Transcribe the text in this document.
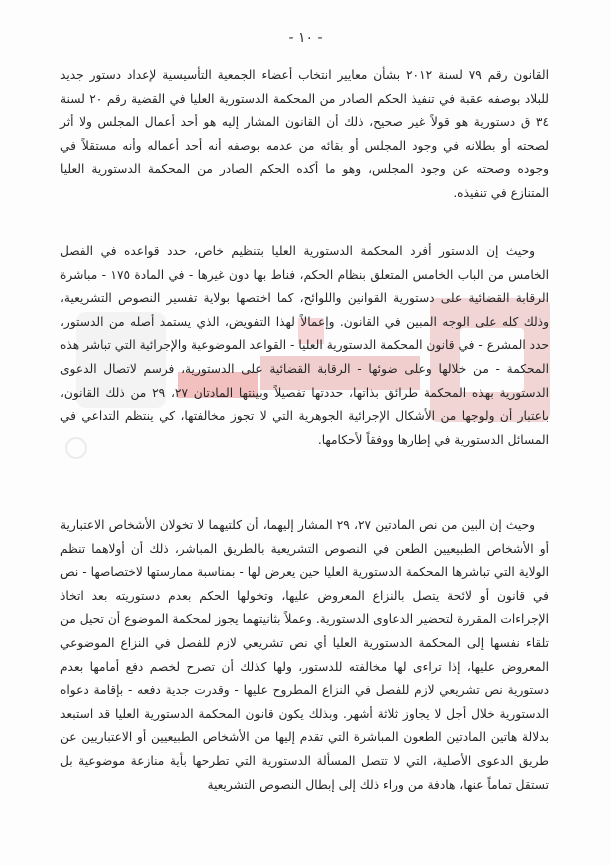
- ١٠ -

القانون رقم ٧٩ لسنة ٢٠١٢ بشأن معايير انتخاب أعضاء الجمعية التأسيسية لإعداد دستور جديد للبلاد بوصفه عقبة في تنفيذ الحكم الصادر من المحكمة الدستورية العليا في القضية رقم ٢٠ لسنة ٣٤ ق دستورية هو قولاً غير صحيح، ذلك أن القانون المشار إليه هو أحد أعمال المجلس ولا أثر لصحته أو بطلانه في وجود المجلس أو بقائه من عدمه بوصفه أنه أحد أعماله وأنه مستقلاً في وجوده وصحته عن وجود المجلس، وهو ما أكده الحكم الصادر من المحكمة الدستورية العليا المتنازع في تنفيذه.

وحيث إن الدستور أفرد المحكمة الدستورية العليا بتنظيم خاص، حدد قواعده في الفصل الخامس من الباب الخامس المتعلق بنظام الحكم، فناط بها دون غيرها - في المادة ١٧٥ - مباشرة الرقابة القضائية على دستورية القوانين واللوائح، كما اختصها بولاية تفسير النصوص التشريعية، وذلك كله على الوجه المبين في القانون. وإعمالاً لهذا التفويض، الذي يستمد أصله من الدستور، حدد المشرع - في قانون المحكمة الدستورية العليا - القواعد الموضوعية والإجرائية التي تباشر هذه المحكمة - من خلالها وعلى ضوئها - الرقابة القضائية على الدستورية، فرسم لاتصال الدعوى الدستورية بهذه المحكمة طرائق بذاتها، حددتها تفصيلاً وبينتها المادتان ٢٧، ٢٩ من ذلك القانون، باعتبار أن ولوجها من الأشكال الإجرائية الجوهرية التي لا تجوز مخالفتها، كي ينتظم التداعي في المسائل الدستورية في إطارها ووفقاً لأحكامها.

وحيث إن البين من نص المادتين ٢٧، ٢٩ المشار إليهما، أن كلتيهما لا تخولان الأشخاص الاعتبارية أو الأشخاص الطبيعيين الطعن في النصوص التشريعية بالطريق المباشر، ذلك أن أولاهما تنظم الولاية التي تباشرها المحكمة الدستورية العليا حين يعرض لها - بمناسبة ممارستها لاختصاصها - نص في قانون أو لائحة يتصل بالنزاع المعروض عليها، وتخولها الحكم بعدم دستوريته بعد اتخاذ الإجراءات المقررة لتحضير الدعاوى الدستورية. وعملاً بثانيتهما يجوز لمحكمة الموضوع أن تحيل من تلقاء نفسها إلى المحكمة الدستورية العليا أي نص تشريعي لازم للفصل في النزاع الموضوعي المعروض عليها، إذا تراءى لها مخالفته للدستور، ولها كذلك أن تصرح لخصم دفع أمامها بعدم دستورية نص تشريعي لازم للفصل في النزاع المطروح عليها - وقدرت جدية دفعه - بإقامة دعواه الدستورية خلال أجل لا يجاوز ثلاثة أشهر. وبذلك يكون قانون المحكمة الدستورية العليا قد استبعد بدلالة هاتين المادتين الطعون المباشرة التي تقدم إليها من الأشخاص الطبيعيين أو الاعتباريين عن طريق الدعوى الأصلية، التي لا تتصل المسألة الدستورية التي تطرحها بأية منازعة موضوعية بل تستقل تماماً عنها، هادفة من وراء ذلك إلى إبطال النصوص التشريعية
